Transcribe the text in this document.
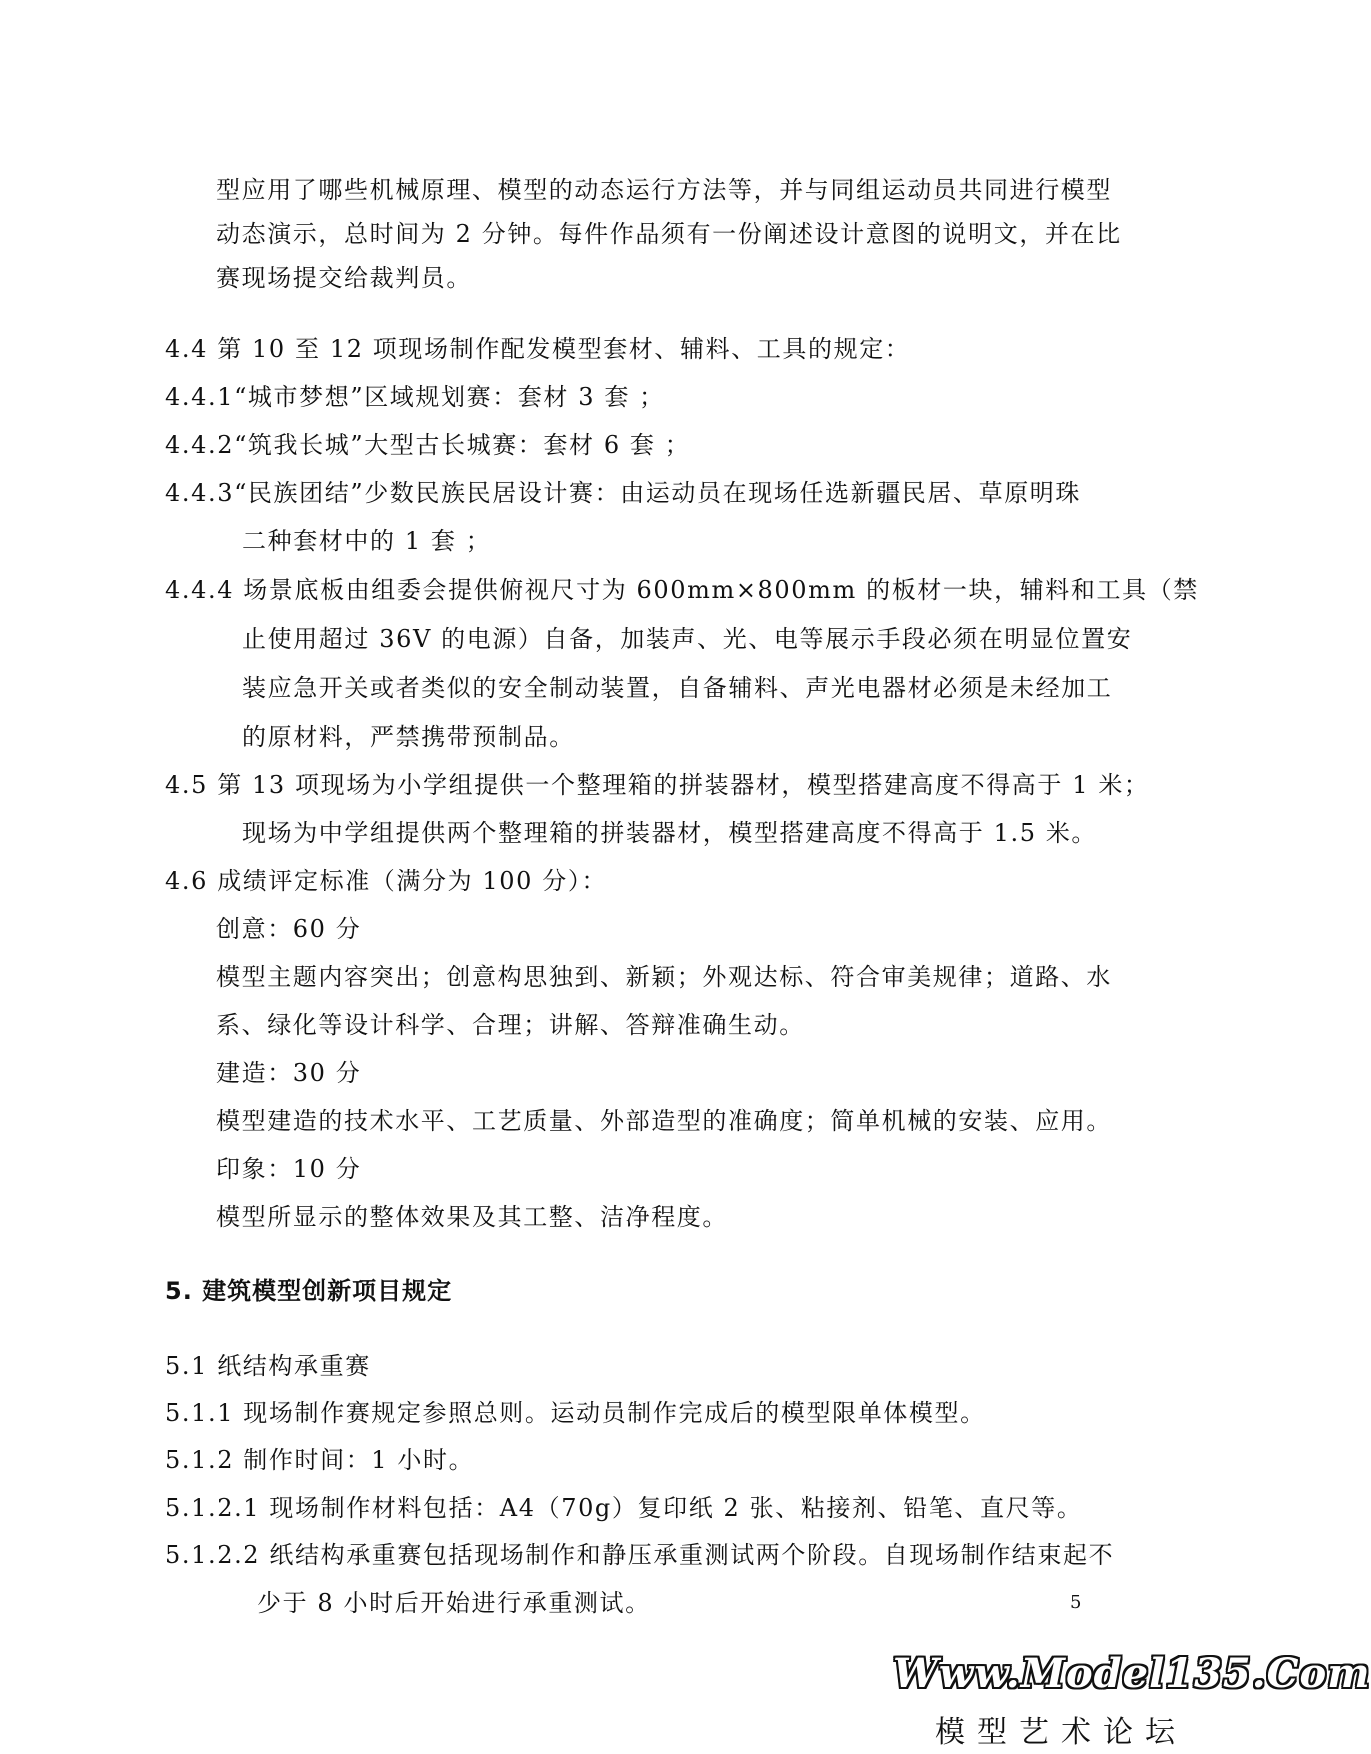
型应用了哪些机械原理、模型的动态运行方法等，并与同组运动员共同进行模型
动态演示，总时间为 2 分钟。每件作品须有一份阐述设计意图的说明文，并在比
赛现场提交给裁判员。
4.4 第 10 至 12 项现场制作配发模型套材、辅料、工具的规定：
4.4.1“城市梦想”区域规划赛：套材 3 套 ；
4.4.2“筑我长城”大型古长城赛：套材 6 套 ；
4.4.3“民族团结”少数民族民居设计赛：由运动员在现场任选新疆民居、草原明珠
二种套材中的 1 套 ；
4.4.4 场景底板由组委会提供俯视尺寸为 600mm×800mm 的板材一块，辅料和工具（禁
止使用超过 36V 的电源）自备，加装声、光、电等展示手段必须在明显位置安
装应急开关或者类似的安全制动装置，自备辅料、声光电器材必须是未经加工
的原材料，严禁携带预制品。
4.5 第 13 项现场为小学组提供一个整理箱的拼装器材，模型搭建高度不得高于 1 米；
现场为中学组提供两个整理箱的拼装器材，模型搭建高度不得高于 1.5 米。
4.6 成绩评定标准（满分为 100 分）：
创意：60 分
模型主题内容突出；创意构思独到、新颖；外观达标、符合审美规律；道路、水
系、绿化等设计科学、合理；讲解、答辩准确生动。
建造：30 分
模型建造的技术水平、工艺质量、外部造型的准确度；简单机械的安装、应用。
印象：10 分
模型所显示的整体效果及其工整、洁净程度。
5. 建筑模型创新项目规定
5.1 纸结构承重赛
5.1.1 现场制作赛规定参照总则。运动员制作完成后的模型限单体模型。
5.1.2 制作时间：1 小时。
5.1.2.1 现场制作材料包括：A4（70g）复印纸 2 张、粘接剂、铅笔、直尺等。
5.1.2.2 纸结构承重赛包括现场制作和静压承重测试两个阶段。自现场制作结束起不
少于 8 小时后开始进行承重测试。	5
Www.Model135.Com
模型艺术论坛
